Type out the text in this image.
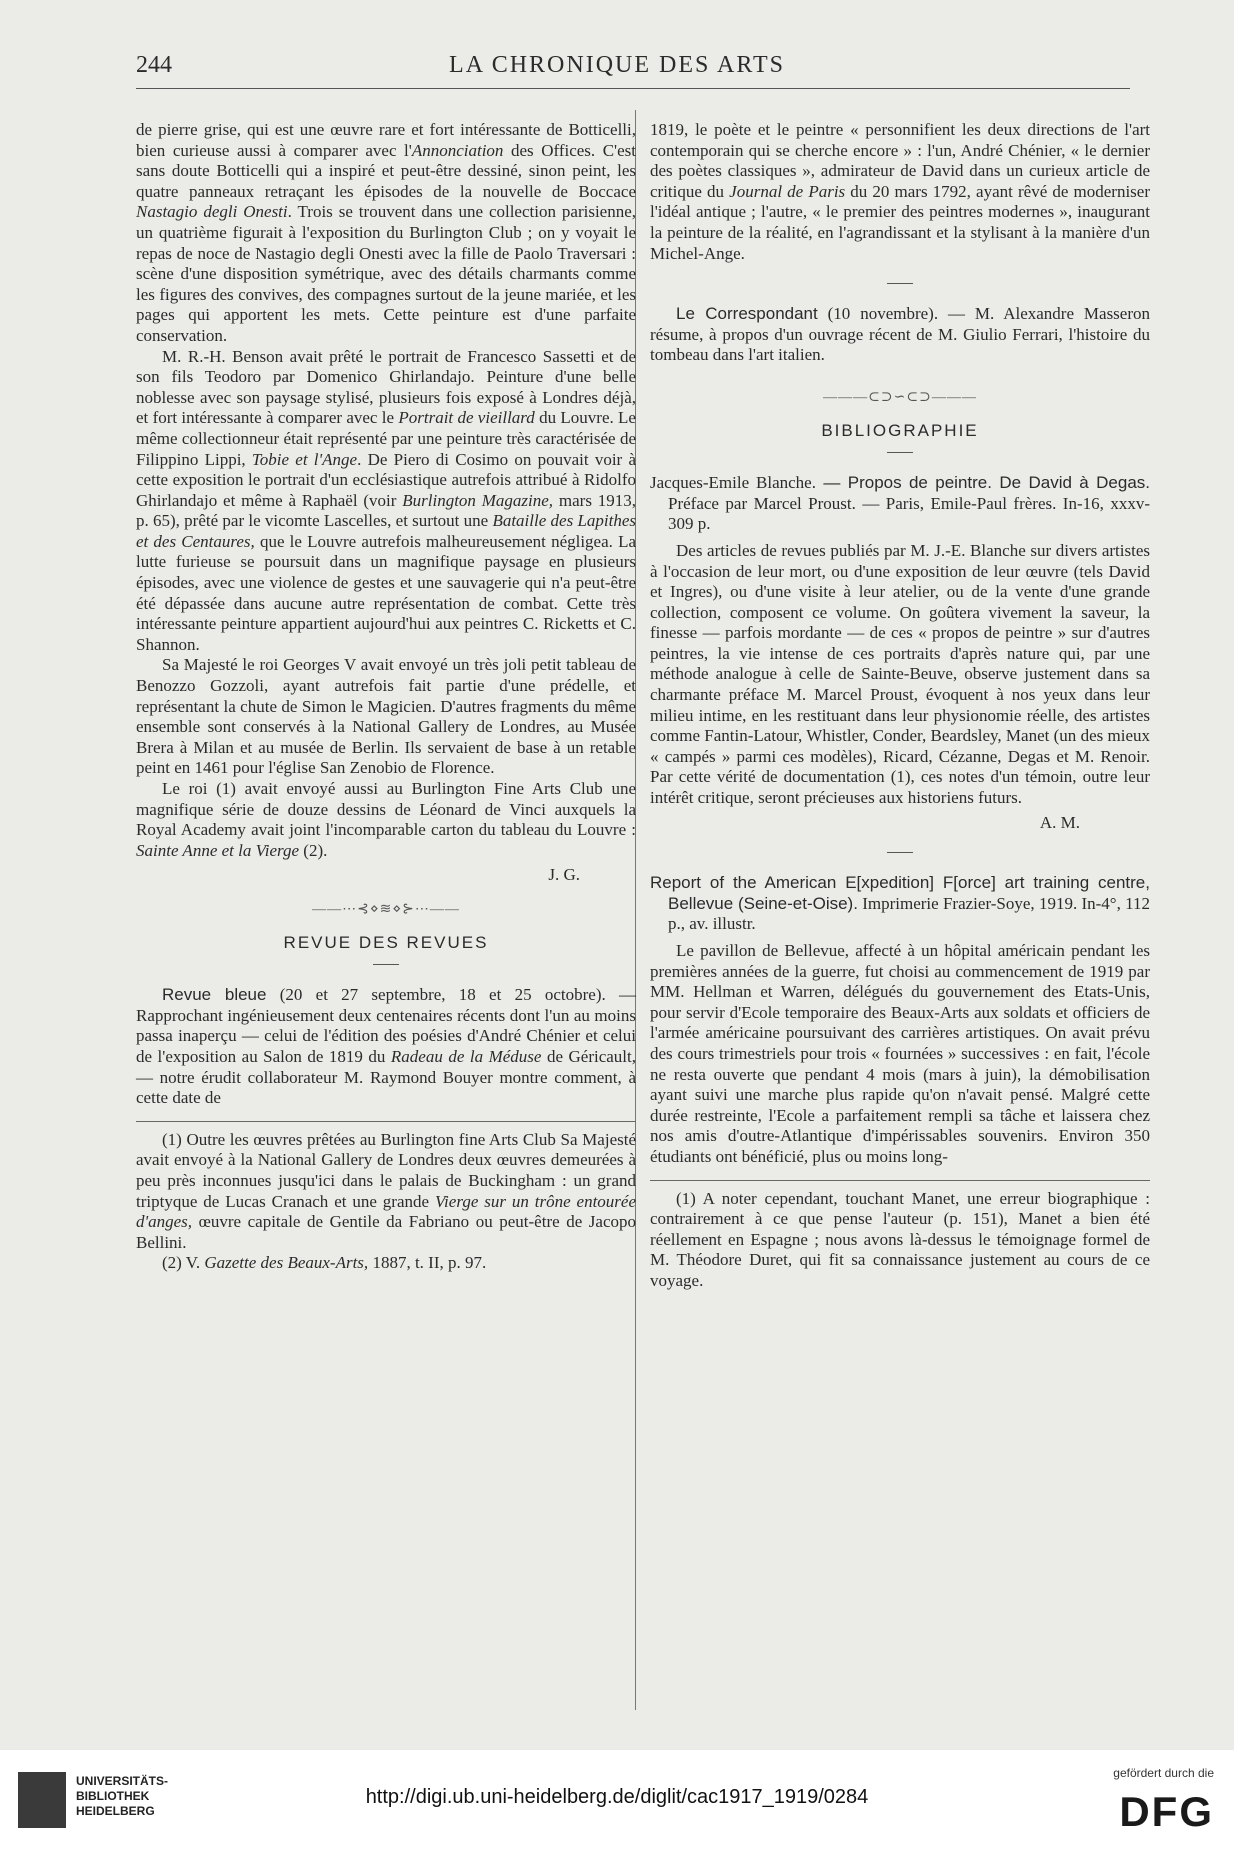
244	LA CHRONIQUE DES ARTS

de pierre grise, qui est une œuvre rare et fort intéressante de Botticelli, bien curieuse aussi à comparer avec l'Annonciation des Offices. C'est sans doute Botticelli qui a inspiré et peut-être dessiné, sinon peint, les quatre panneaux retraçant les épisodes de la nouvelle de Boccace Nastagio degli Onesti. Trois se trouvent dans une collection parisienne, un quatrième figurait à l'exposition du Burlington Club ; on y voyait le repas de noce de Nastagio degli Onesti avec la fille de Paolo Traversari : scène d'une disposition symétrique, avec des détails charmants comme les figures des convives, des compagnes surtout de la jeune mariée, et les pages qui apportent les mets. Cette peinture est d'une parfaite conservation.

M. R.-H. Benson avait prêté le portrait de Francesco Sassetti et de son fils Teodoro par Domenico Ghirlandajo. Peinture d'une belle noblesse avec son paysage stylisé, plusieurs fois exposé à Londres déjà, et fort intéressante à comparer avec le Portrait de vieillard du Louvre. Le même collectionneur était représenté par une peinture très caractérisée de Filippino Lippi, Tobie et l'Ange. De Piero di Cosimo on pouvait voir à cette exposition le portrait d'un ecclésiastique autrefois attribué à Ridolfo Ghirlandajo et même à Raphaël (voir Burlington Magazine, mars 1913, p. 65), prêté par le vicomte Lascelles, et surtout une Bataille des Lapithes et des Centaures, que le Louvre autrefois malheureusement négligea. La lutte furieuse se poursuit dans un magnifique paysage en plusieurs épisodes, avec une violence de gestes et une sauvagerie qui n'a peut-être été dépassée dans aucune autre représentation de combat. Cette très intéressante peinture appartient aujourd'hui aux peintres C. Ricketts et C. Shannon.

Sa Majesté le roi Georges V avait envoyé un très joli petit tableau de Benozzo Gozzoli, ayant autrefois fait partie d'une prédelle, et représentant la chute de Simon le Magicien. D'autres fragments du même ensemble sont conservés à la National Gallery de Londres, au Musée Brera à Milan et au musée de Berlin. Ils servaient de base à un retable peint en 1461 pour l'église San Zenobio de Florence.

Le roi (1) avait envoyé aussi au Burlington Fine Arts Club une magnifique série de douze dessins de Léonard de Vinci auxquels la Royal Academy avait joint l'incomparable carton du tableau du Louvre : Sainte Anne et la Vierge (2).

J. G.
——⋯⊰⋄≋⋄⊱⋯——
REVUE DES REVUES

Revue bleue (20 et 27 septembre, 18 et 25 octobre). — Rapprochant ingénieusement deux centenaires récents dont l'un au moins passa inaperçu — celui de l'édition des poésies d'André Chénier et celui de l'exposition au Salon de 1819 du Radeau de la Méduse de Géricault, — notre érudit collaborateur M. Raymond Bouyer montre comment, à cette date de

(1) Outre les œuvres prêtées au Burlington fine Arts Club Sa Majesté avait envoyé à la National Gallery de Londres deux œuvres demeurées à peu près inconnues jusqu'ici dans le palais de Buckingham : un grand triptyque de Lucas Cranach et une grande Vierge sur un trône entourée d'anges, œuvre capitale de Gentile da Fabriano ou peut-être de Jacopo Bellini.

(2) V. Gazette des Beaux-Arts, 1887, t. II, p. 97.

1819, le poète et le peintre « personnifient les deux directions de l'art contemporain qui se cherche encore » : l'un, André Chénier, « le dernier des poètes classiques », admirateur de David dans un curieux article de critique du Journal de Paris du 20 mars 1792, ayant rêvé de moderniser l'idéal antique ; l'autre, « le premier des peintres modernes », inaugurant la peinture de la réalité, en l'agrandissant et la stylisant à la manière d'un Michel-Ange.

Le Correspondant (10 novembre). — M. Alexandre Masseron résume, à propos d'un ouvrage récent de M. Giulio Ferrari, l'histoire du tombeau dans l'art italien.

———⊂⊃∽⊂⊃———
BIBLIOGRAPHIE

Jacques-Emile Blanche. — Propos de peintre. De David à Degas. Préface par Marcel Proust. — Paris, Emile-Paul frères. In-16, xxxv-309 p.

Des articles de revues publiés par M. J.-E. Blanche sur divers artistes à l'occasion de leur mort, ou d'une exposition de leur œuvre (tels David et Ingres), ou d'une visite à leur atelier, ou de la vente d'une grande collection, composent ce volume. On goûtera vivement la saveur, la finesse — parfois mordante — de ces « propos de peintre » sur d'autres peintres, la vie intense de ces portraits d'après nature qui, par une méthode analogue à celle de Sainte-Beuve, observe justement dans sa charmante préface M. Marcel Proust, évoquent à nos yeux dans leur milieu intime, en les restituant dans leur physionomie réelle, des artistes comme Fantin-Latour, Whistler, Conder, Beardsley, Manet (un des mieux « campés » parmi ces modèles), Ricard, Cézanne, Degas et M. Renoir. Par cette vérité de documentation (1), ces notes d'un témoin, outre leur intérêt critique, seront précieuses aux historiens futurs.

A. M.

Report of the American E[xpedition] F[orce] art training centre, Bellevue (Seine-et-Oise). Imprimerie Frazier-Soye, 1919. In-4°, 112 p., av. illustr.

Le pavillon de Bellevue, affecté à un hôpital américain pendant les premières années de la guerre, fut choisi au commencement de 1919 par MM. Hellman et Warren, délégués du gouvernement des Etats-Unis, pour servir d'Ecole temporaire des Beaux-Arts aux soldats et officiers de l'armée américaine poursuivant des carrières artistiques. On avait prévu des cours trimestriels pour trois « fournées » successives : en fait, l'école ne resta ouverte que pendant 4 mois (mars à juin), la démobilisation ayant suivi une marche plus rapide qu'on n'avait pensé. Malgré cette durée restreinte, l'Ecole a parfaitement rempli sa tâche et laissera chez nos amis d'outre-Atlantique d'impérissables souvenirs. Environ 350 étudiants ont bénéficié, plus ou moins long-

(1) A noter cependant, touchant Manet, une erreur biographique : contrairement à ce que pense l'auteur (p. 151), Manet a bien été réellement en Espagne ; nous avons là-dessus le témoignage formel de M. Théodore Duret, qui fit sa connaissance justement au cours de ce voyage.

UNIVERSITÄTS-
BIBLIOTHEK
HEIDELBERG
http://digi.ub.uni-heidelberg.de/diglit/cac1917_1919/0284
gefördert durch die
DFG
